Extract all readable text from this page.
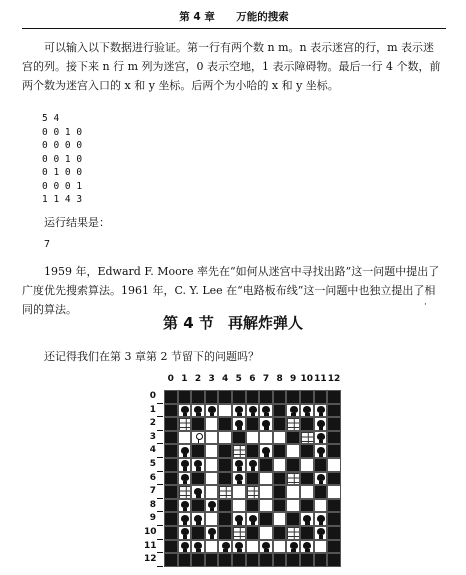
第 4 章 万能的搜索
可以输入以下数据进行验证。第一行有两个数 n m。n 表示迷宫的行，m 表示迷宫的列。接下来 n 行 m 列为迷宫，0 表示空地，1 表示障碍物。最后一行 4 个数，前两个数为迷宫入口的 x 和 y 坐标。后两个为小哈的 x 和 y 坐标。
5 4
0 0 1 0
0 0 0 0
0 0 1 0
0 1 0 0
0 0 0 1
1 1 4 3
运行结果是：
7
1959 年，Edward F. Moore 率先在“如何从迷宫中寻找出路”这一问题中提出了广度优先搜索算法。1961 年，C. Y. Lee 在“电路板布线”这一问题中也独立提出了相同的算法。	·
第 4 节 再解炸弹人
还记得我们在第 3 章第 2 节留下的问题吗？
0 1 2 3 4 5 6 7 8 9 10 11 12
0
1
2
3
4
5
6
7
8
9
10
11
12
